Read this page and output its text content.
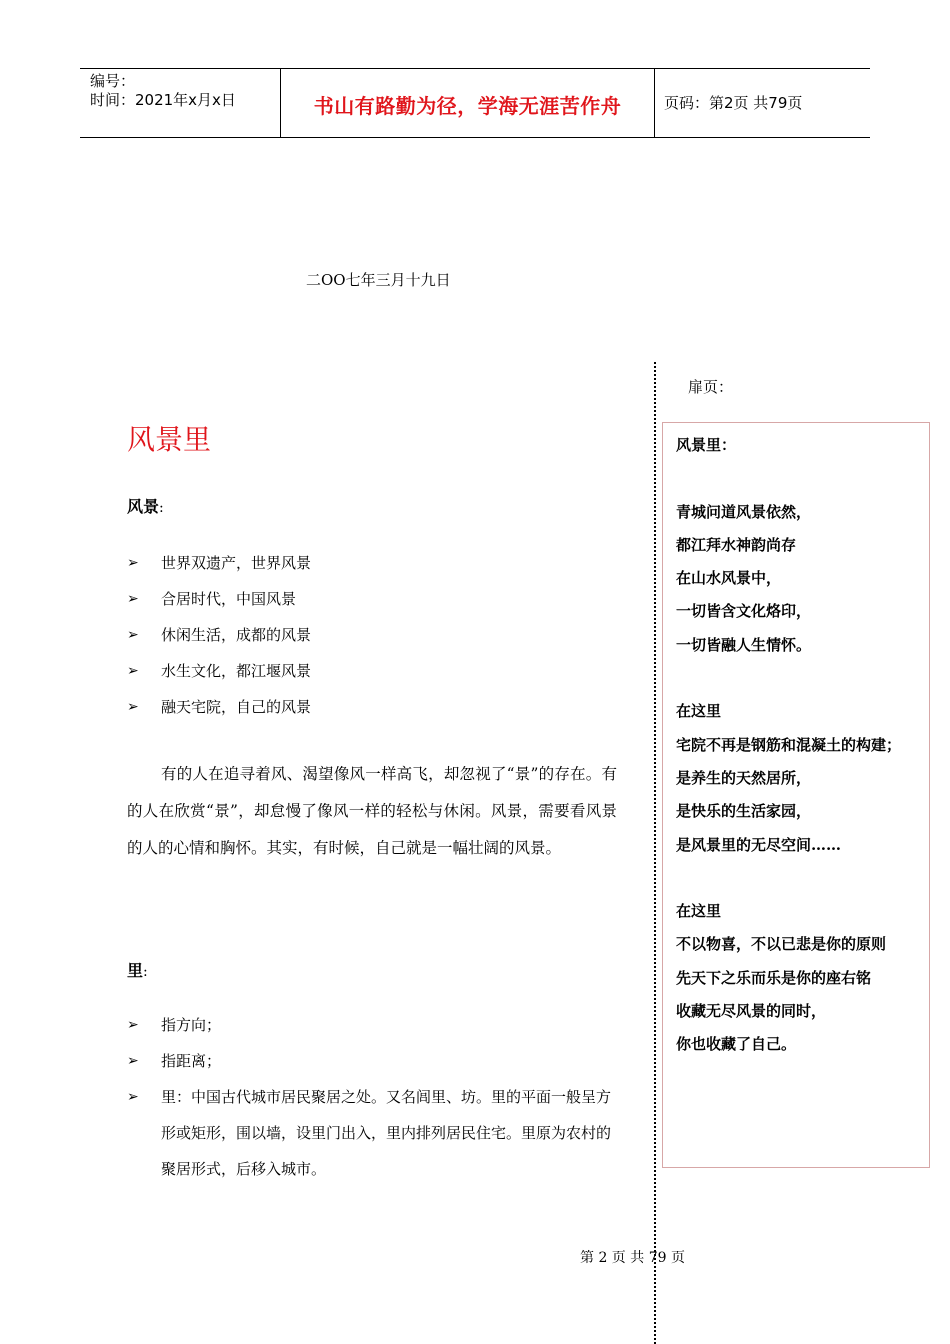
编号：
时间：2021年x月x日	书山有路勤为径，学海无涯苦作舟	页码：第2页 共79页
二OO七年三月十九日
风景里
风景:
➢ 世界双遗产，世界风景
➢ 合居时代，中国风景
➢ 休闲生活，成都的风景
➢ 水生文化，都江堰风景
➢ 融天宅院，自己的风景
有的人在追寻着风、渴望像风一样高飞，却忽视了“景”的存在。有的人在欣赏“景”，却怠慢了像风一样的轻松与休闲。风景，需要看风景的人的心情和胸怀。其实，有时候，自己就是一幅壮阔的风景。
里:
➢ 指方向；
➢ 指距离；
➢ 里：中国古代城市居民聚居之处。又名闾里、坊。里的平面一般呈方形或矩形，围以墙，设里门出入，里内排列居民住宅。里原为农村的聚居形式，后移入城市。
扉页：
风景里：
青城问道风景依然，
都江拜水神韵尚存
在山水风景中，
一切皆含文化烙印，
一切皆融人生情怀。
在这里
宅院不再是钢筋和混凝土的构建；
是养生的天然居所，
是快乐的生活家园，
是风景里的无尽空间……
在这里
不以物喜，不以已悲是你的原则
先天下之乐而乐是你的座右铭
收藏无尽风景的同时，
你也收藏了自己。
第 2 页 共 79 页
